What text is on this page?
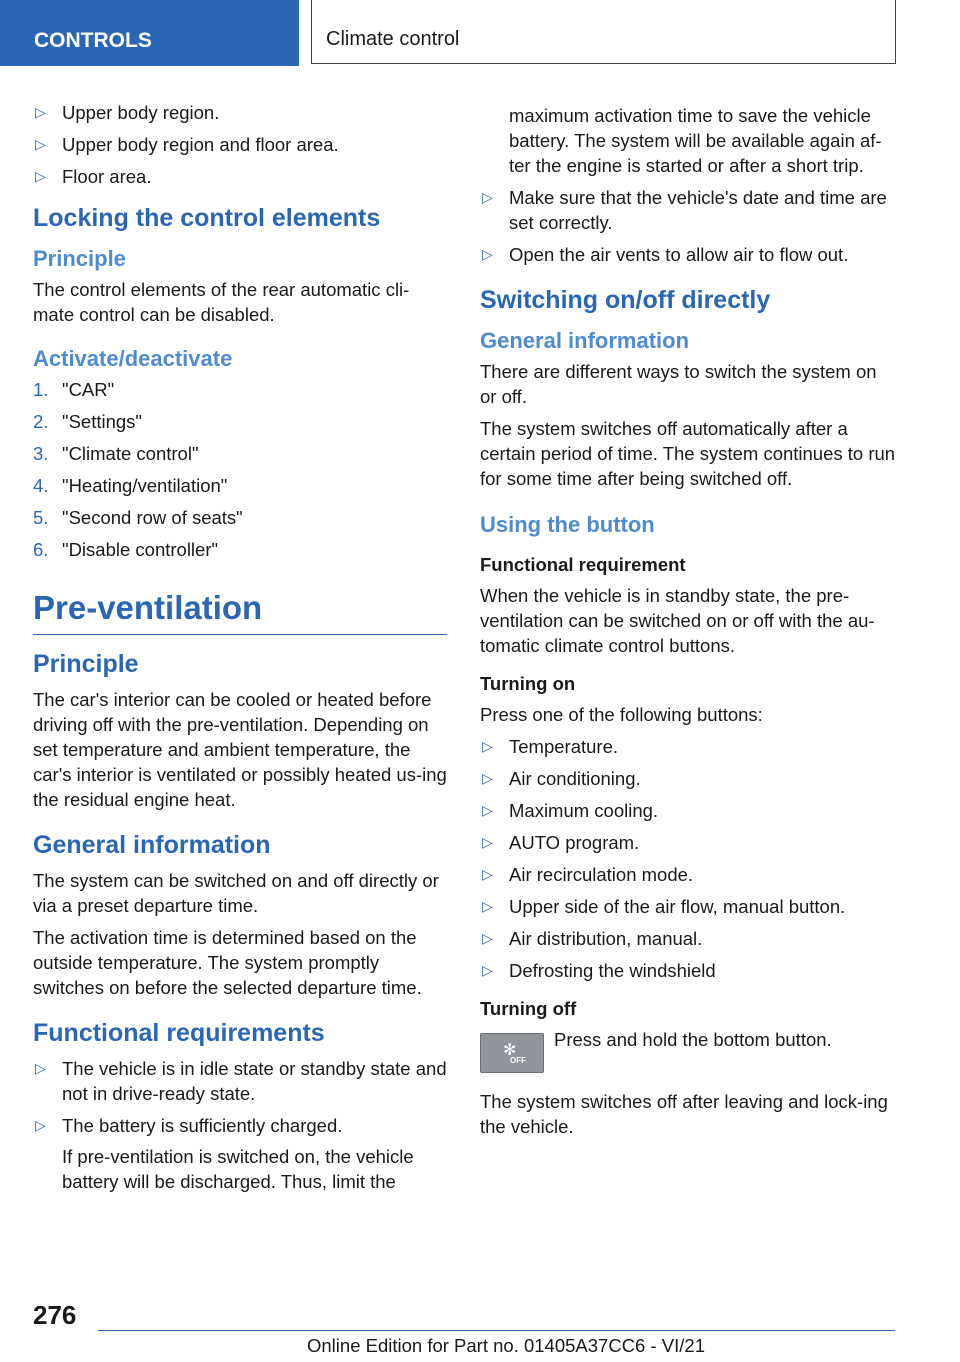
CONTROLS	Climate control
▷ Upper body region.
▷ Upper body region and floor area.
▷ Floor area.
Locking the control elements
Principle

The control elements of the rear automatic cli-
mate control can be disabled.

Activate/deactivate
1. "CAR"
2. "Settings"
3. "Climate control"
4. "Heating/ventilation"
5. "Second row of seats"
6. "Disable controller"
Pre-ventilation
Principle

The car's interior can be cooled or heated before driving off with the pre-ventilation. Depending on set temperature and ambient temperature, the car's interior is ventilated or possibly heated us-ing the residual engine heat.

General information

The system can be switched on and off directly or via a preset departure time.

The activation time is determined based on the outside temperature. The system promptly switches on before the selected departure time.

Functional requirements
▷ The vehicle is in idle state or standby state and not in drive-ready state.
▷ The battery is sufficiently charged.
If pre-ventilation is switched on, the vehicle battery will be discharged. Thus, limit the
maximum activation time to save the vehicle battery. The system will be available again af-ter the engine is started or after a short trip.
▷ Make sure that the vehicle's date and time are set correctly.
▷ Open the air vents to allow air to flow out.
Switching on/off directly
General information

There are different ways to switch the system on or off.

The system switches off automatically after a certain period of time. The system continues to run for some time after being switched off.

Using the button
Functional requirement

When the vehicle is in standby state, the pre-ventilation can be switched on or off with the au-tomatic climate control buttons.

Turning on

Press one of the following buttons:

▷ Temperature.
▷ Air conditioning.
▷ Maximum cooling.
▷ AUTO program.
▷ Air recirculation mode.
▷ Upper side of the air flow, manual button.
▷ Air distribution, manual.
▷ Defrosting the windshield
Turning off
✻
OFF
Press and hold the bottom button.

The system switches off after leaving and lock-ing the vehicle.

276
Online Edition for Part no. 01405A37CC6 - VI/21
